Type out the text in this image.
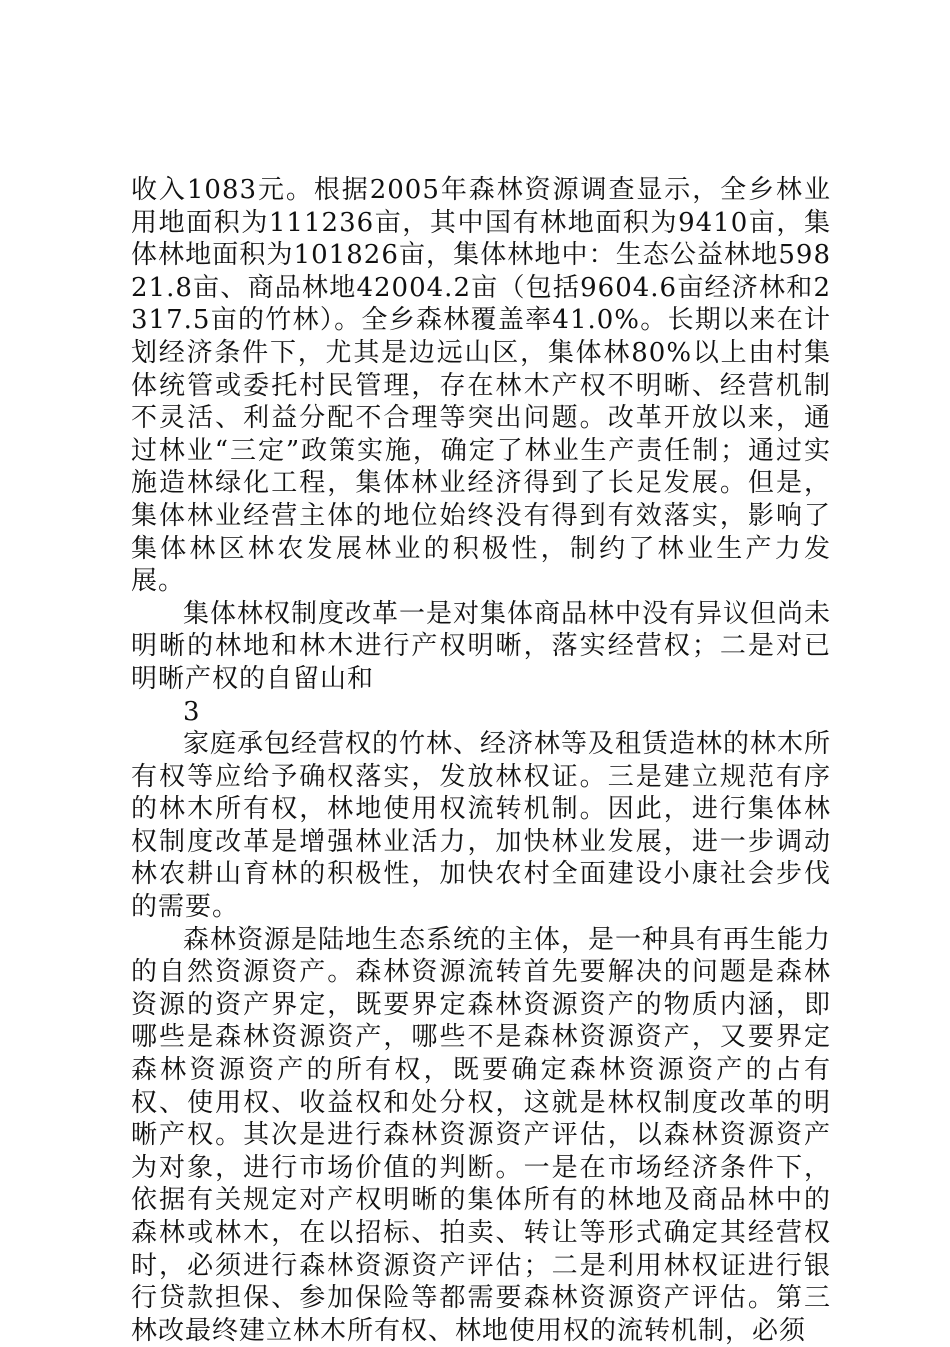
收入1083元。根据2005年森林资源调查显示，全乡林业用地面积为111236亩，其中国有林地面积为9410亩，集体林地面积为101826亩，集体林地中：生态公益林地59821.8亩、商品林地42004.2亩（包括9604.6亩经济林和2317.5亩的竹林）。全乡森林覆盖率41.0%。长期以来在计划经济条件下，尤其是边远山区，集体林80%以上由村集体统管或委托村民管理，存在林木产权不明晰、经营机制不灵活、利益分配不合理等突出问题。改革开放以来，通过林业“三定”政策实施，确定了林业生产责任制；通过实施造林绿化工程，集体林业经济得到了长足发展。但是，集体林业经营主体的地位始终没有得到有效落实，影响了集体林区林农发展林业的积极性，制约了林业生产力发展。

集体林权制度改革一是对集体商品林中没有异议但尚未明晰的林地和林木进行产权明晰，落实经营权；二是对已明晰产权的自留山和

3

家庭承包经营权的竹林、经济林等及租赁造林的林木所有权等应给予确权落实，发放林权证。三是建立规范有序的林木所有权，林地使用权流转机制。因此，进行集体林权制度改革是增强林业活力，加快林业发展，进一步调动林农耕山育林的积极性，加快农村全面建设小康社会步伐的需要。

森林资源是陆地生态系统的主体，是一种具有再生能力的自然资源资产。森林资源流转首先要解决的问题是森林资源的资产界定，既要界定森林资源资产的物质内涵，即哪些是森林资源资产，哪些不是森林资源资产，又要界定森林资源资产的所有权，既要确定森林资源资产的占有权、使用权、收益权和处分权，这就是林权制度改革的明晰产权。其次是进行森林资源资产评估，以森林资源资产为对象，进行市场价值的判断。一是在市场经济条件下，依据有关规定对产权明晰的集体所有的林地及商品林中的森林或林木，在以招标、拍卖、转让等形式确定其经营权时，必须进行森林资源资产评估；二是利用林权证进行银行贷款担保、参加保险等都需要森林资源资产评估。第三林改最终建立林木所有权、林地使用权的流转机制，必须
